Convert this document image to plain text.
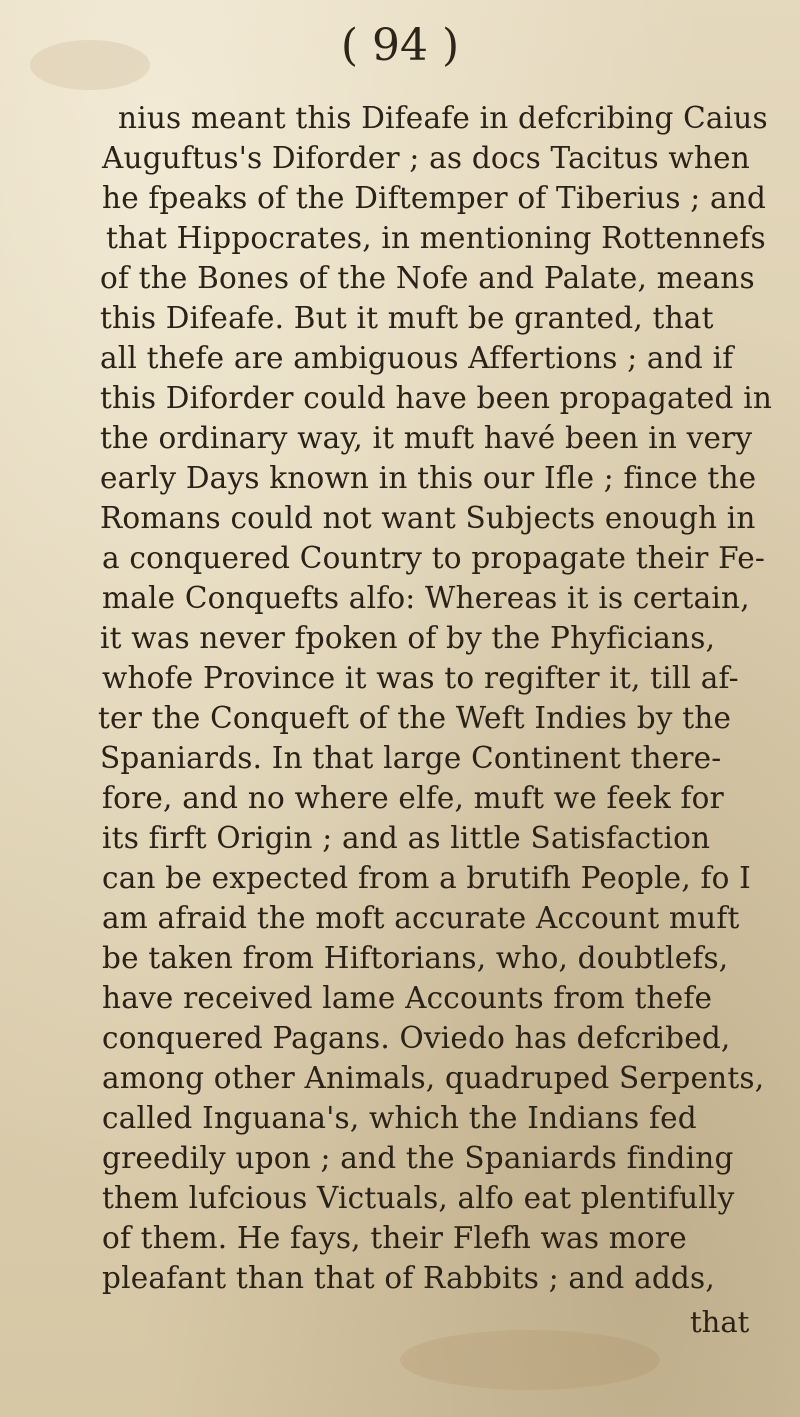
( 94 )
nius meant this Difeafe in defcribing Caius
Auguftus's Diforder ; as docs Tacitus when
he fpeaks of the Diftemper of Tiberius ; and
that Hippocrates, in mentioning Rottennefs
of the Bones of the Nofe and Palate, means
this Difeafe. But it muft be granted, that
all thefe are ambiguous Affertions ; and if
this Diforder could have been propagated in
the ordinary way, it muft havé been in very
early Days known in this our Ifle ; fince the
Romans could not want Subjects enough in
a conquered Country to propagate their Fe-
male Conquefts alfo: Whereas it is certain,
it was never fpoken of by the Phyficians,
whofe Province it was to regifter it, till af-
ter the Conqueft of the Weft Indies by the
Spaniards. In that large Continent there-
fore, and no where elfe, muft we feek for
its firft Origin ; and as little Satisfaction
can be expected from a brutifh People, fo I
am afraid the moft accurate Account muft
be taken from Hiftorians, who, doubtlefs,
have received lame Accounts from thefe
conquered Pagans. Oviedo has defcribed,
among other Animals, quadruped Serpents,
called Inguana's, which the Indians fed
greedily upon ; and the Spaniards finding
them lufcious Victuals, alfo eat plentifully
of them. He fays, their Flefh was more
pleafant than that of Rabbits ; and adds,
that
